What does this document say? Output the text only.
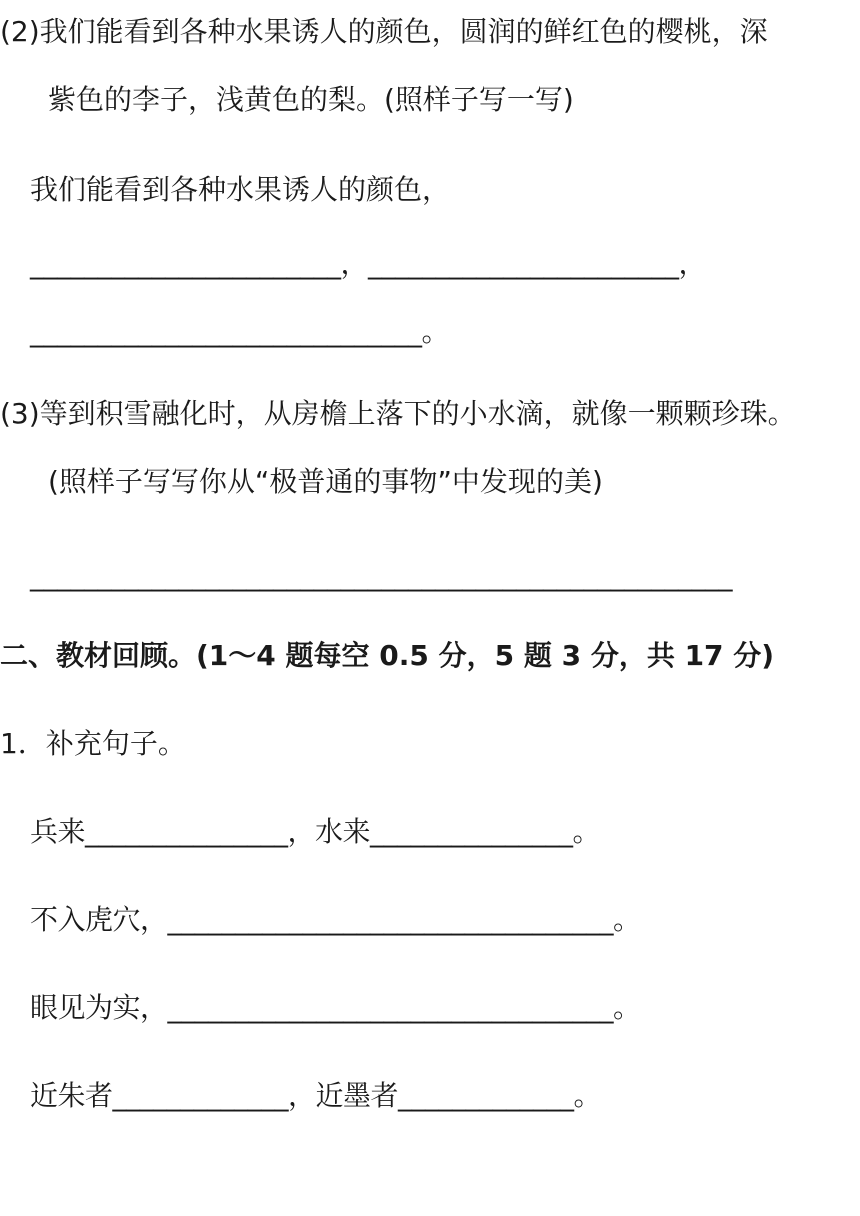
(2)我们能看到各种水果诱人的颜色，圆润的鲜红色的樱桃，深
紫色的李子，浅黄色的梨。(照样子写一写)
我们能看到各种水果诱人的颜色，
_______________________，_______________________，
_____________________________。
(3)等到积雪融化时，从房檐上落下的小水滴，就像一颗颗珍珠。
(照样子写写你从“极普通的事物”中发现的美)
____________________________________________________
二、教材回顾。(1～4 题每空 0.5 分，5 题 3 分，共 17 分)
1．补充句子。
兵来_______________，水来_______________。
不入虎穴，_________________________________。
眼见为实，_________________________________。
近朱者_____________，近墨者_____________。
